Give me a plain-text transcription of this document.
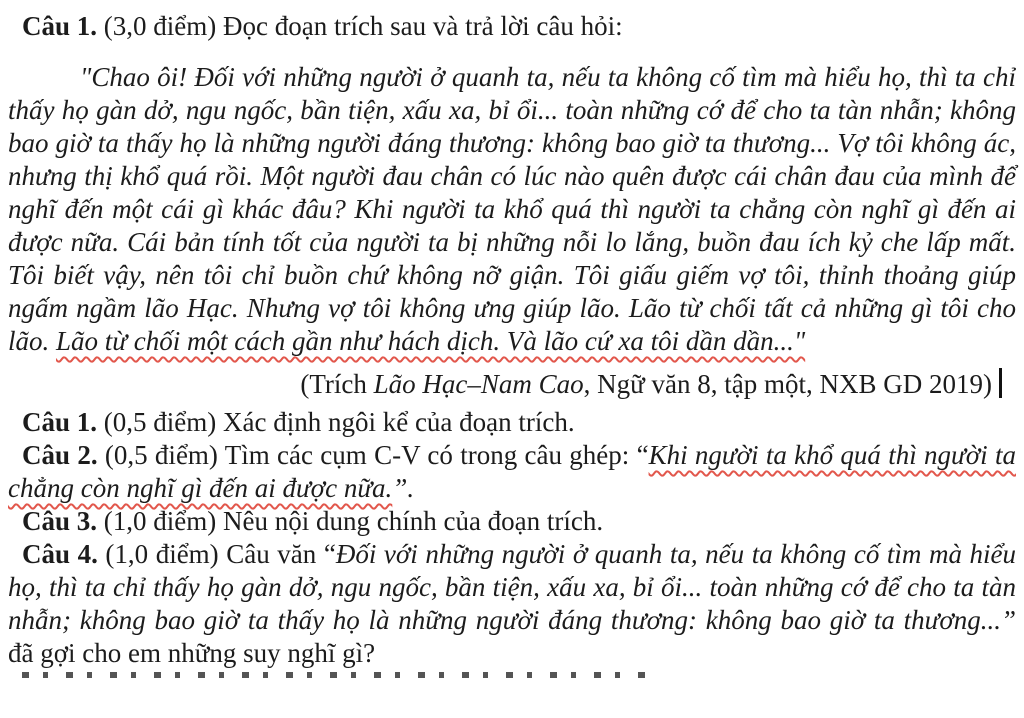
Câu 1. (3,0 điểm) Đọc đoạn trích sau và trả lời câu hỏi:

"Chao ôi! Đối với những người ở quanh ta, nếu ta không cố tìm mà hiểu họ, thì ta chỉ thấy họ gàn dở, ngu ngốc, bần tiện, xấu xa, bỉ ổi... toàn những cớ để cho ta tàn nhẫn; không bao giờ ta thấy họ là những người đáng thương: không bao giờ ta thương... Vợ tôi không ác, nhưng thị khổ quá rồi. Một người đau chân có lúc nào quên được cái chân đau của mình để nghĩ đến một cái gì khác đâu? Khi người ta khổ quá thì người ta chẳng còn nghĩ gì đến ai được nữa. Cái bản tính tốt của người ta bị những nỗi lo lắng, buồn đau ích kỷ che lấp mất. Tôi biết vậy, nên tôi chỉ buồn chứ không nỡ giận. Tôi giấu giếm vợ tôi, thỉnh thoảng giúp ngấm ngầm lão Hạc. Nhưng vợ tôi không ưng giúp lão. Lão từ chối tất cả những gì tôi cho lão. Lão từ chối một cách gần như hách dịch. Và lão cứ xa tôi dần dần..."

(Trích Lão Hạc–Nam Cao, Ngữ văn 8, tập một, NXB GD 2019)

Câu 1. (0,5 điểm) Xác định ngôi kể của đoạn trích.

Câu 2. (0,5 điểm) Tìm các cụm C-V có trong câu ghép: “Khi người ta khổ quá thì người ta chẳng còn nghĩ gì đến ai được nữa.”.

Câu 3. (1,0 điểm) Nêu nội dung chính của đoạn trích.

Câu 4. (1,0 điểm) Câu văn “Đối với những người ở quanh ta, nếu ta không cố tìm mà hiểu họ, thì ta chỉ thấy họ gàn dở, ngu ngốc, bần tiện, xấu xa, bỉ ổi... toàn những cớ để cho ta tàn nhẫn; không bao giờ ta thấy họ là những người đáng thương: không bao giờ ta thương...” đã gợi cho em những suy nghĩ gì?
